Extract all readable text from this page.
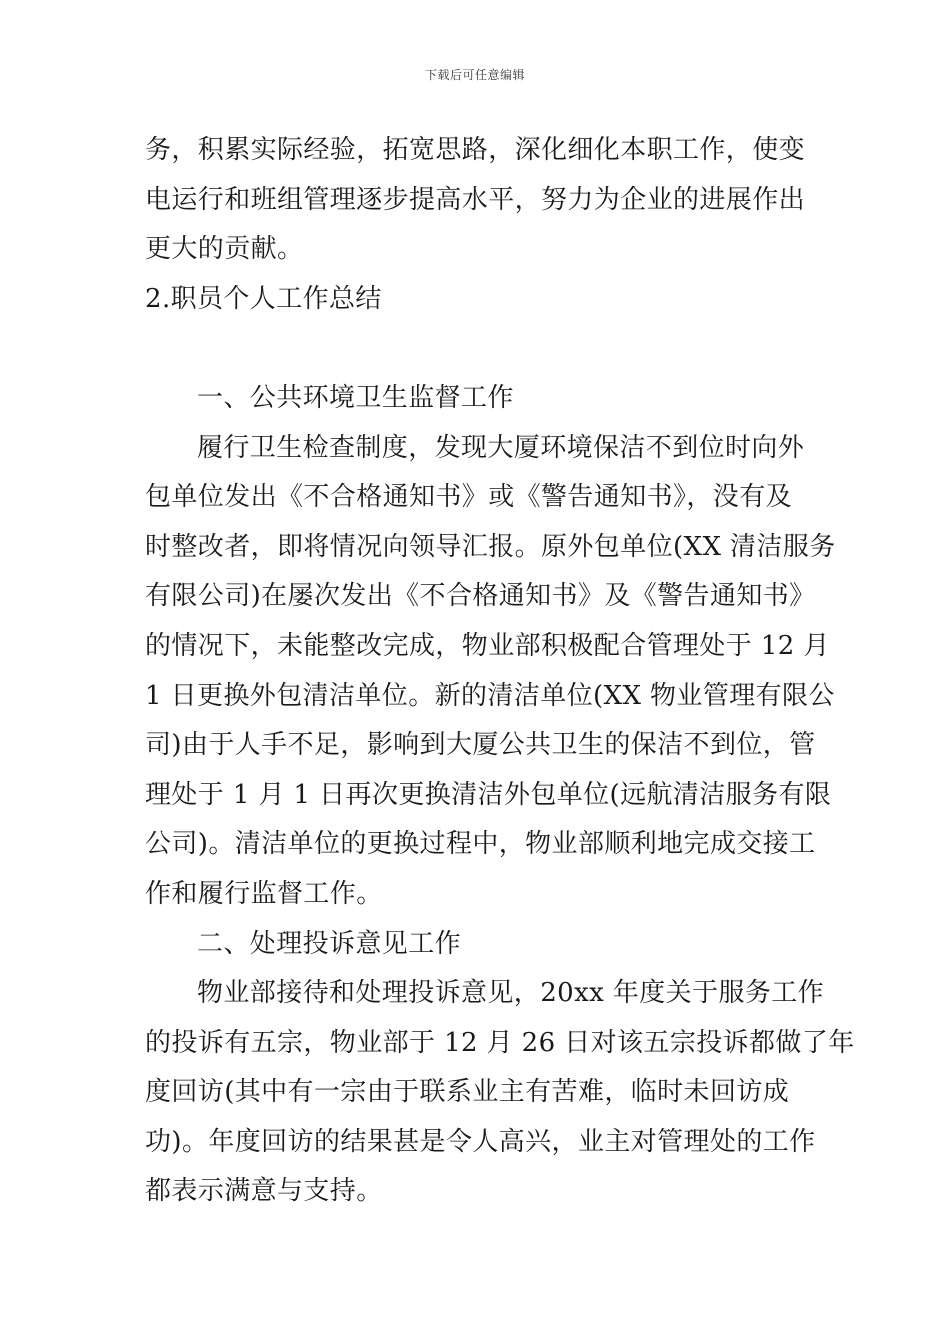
下载后可任意编辑
务，积累实际经验，拓宽思路，深化细化本职工作，使变
电运行和班组管理逐步提高水平，努力为企业的进展作出
更大的贡献。
2.职员个人工作总结
一、公共环境卫生监督工作
履行卫生检查制度，发现大厦环境保洁不到位时向外
包单位发出《不合格通知书》或《警告通知书》，没有及
时整改者，即将情况向领导汇报。原外包单位(XX 清洁服务
有限公司)在屡次发出《不合格通知书》及《警告通知书》
的情况下，未能整改完成，物业部积极配合管理处于 12 月
1 日更换外包清洁单位。新的清洁单位(XX 物业管理有限公
司)由于人手不足，影响到大厦公共卫生的保洁不到位，管
理处于 1 月 1 日再次更换清洁外包单位(远航清洁服务有限
公司)。清洁单位的更换过程中，物业部顺利地完成交接工
作和履行监督工作。
二、处理投诉意见工作
物业部接待和处理投诉意见，20xx 年度关于服务工作
的投诉有五宗，物业部于 12 月 26 日对该五宗投诉都做了年
度回访(其中有一宗由于联系业主有苦难，临时未回访成
功)。年度回访的结果甚是令人高兴，业主对管理处的工作
都表示满意与支持。
